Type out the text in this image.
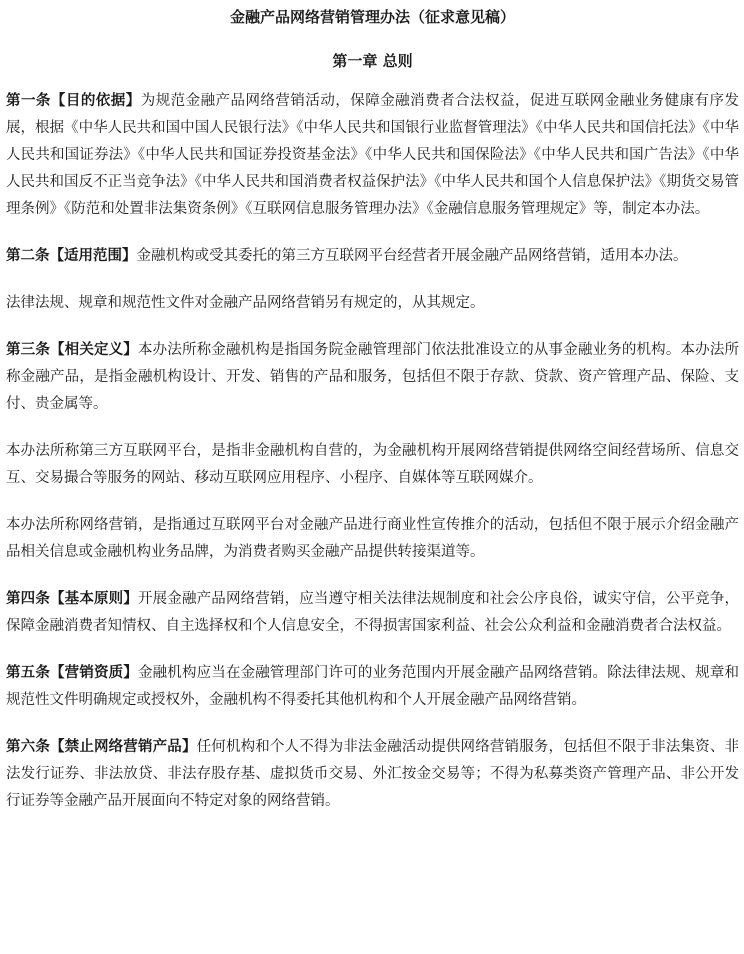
金融产品网络营销管理办法（征求意见稿）
第一章 总则

第一条【目的依据】为规范金融产品网络营销活动，保障金融消费者合法权益，促进互联网金融业务健康有序发展，根据《中华人民共和国中国人民银行法》《中华人民共和国银行业监督管理法》《中华人民共和国信托法》《中华人民共和国证券法》《中华人民共和国证券投资基金法》《中华人民共和国保险法》《中华人民共和国广告法》《中华人民共和国反不正当竞争法》《中华人民共和国消费者权益保护法》《中华人民共和国个人信息保护法》《期货交易管理条例》《防范和处置非法集资条例》《互联网信息服务管理办法》《金融信息服务管理规定》等，制定本办法。

第二条【适用范围】金融机构或受其委托的第三方互联网平台经营者开展金融产品网络营销，适用本办法。

法律法规、规章和规范性文件对金融产品网络营销另有规定的，从其规定。

第三条【相关定义】本办法所称金融机构是指国务院金融管理部门依法批准设立的从事金融业务的机构。本办法所称金融产品，是指金融机构设计、开发、销售的产品和服务，包括但不限于存款、贷款、资产管理产品、保险、支付、贵金属等。

本办法所称第三方互联网平台，是指非金融机构自营的，为金融机构开展网络营销提供网络空间经营场所、信息交互、交易撮合等服务的网站、移动互联网应用程序、小程序、自媒体等互联网媒介。

本办法所称网络营销，是指通过互联网平台对金融产品进行商业性宣传推介的活动，包括但不限于展示介绍金融产品相关信息或金融机构业务品牌，为消费者购买金融产品提供转接渠道等。

第四条【基本原则】开展金融产品网络营销，应当遵守相关法律法规制度和社会公序良俗，诚实守信，公平竞争，保障金融消费者知情权、自主选择权和个人信息安全，不得损害国家利益、社会公众利益和金融消费者合法权益。

第五条【营销资质】金融机构应当在金融管理部门许可的业务范围内开展金融产品网络营销。除法律法规、规章和规范性文件明确规定或授权外，金融机构不得委托其他机构和个人开展金融产品网络营销。

第六条【禁止网络营销产品】任何机构和个人不得为非法金融活动提供网络营销服务，包括但不限于非法集资、非法发行证券、非法放贷、非法存股存基、虚拟货币交易、外汇按金交易等；不得为私募类资产管理产品、非公开发行证券等金融产品开展面向不特定对象的网络营销。
